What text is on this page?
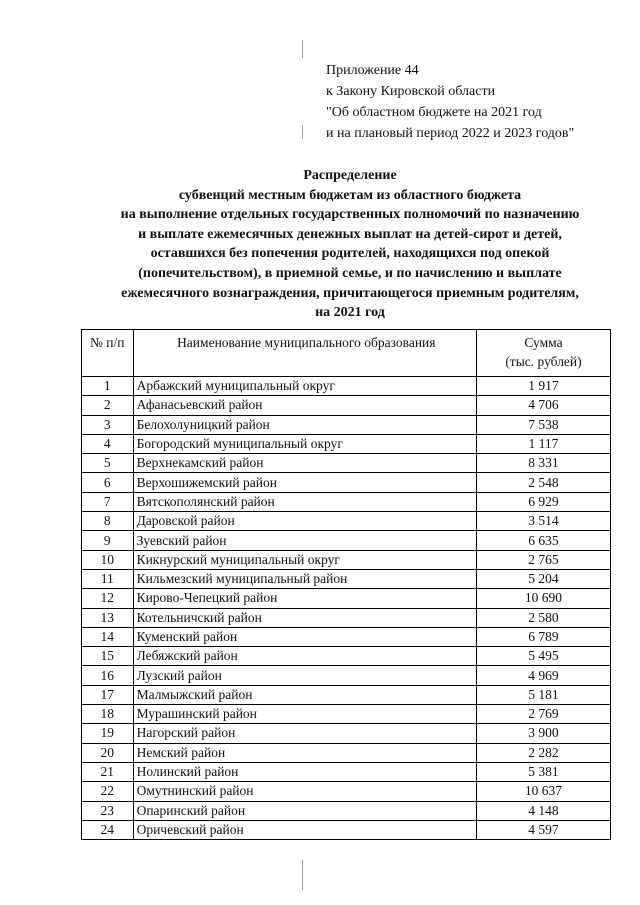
Приложение 44
к Закону Кировской области
"Об областном бюджете на 2021 год
и на плановый период 2022 и 2023 годов"
Распределение
субвенций местным бюджетам из областного бюджета
на выполнение отдельных государственных полномочий по назначению
и выплате ежемесячных денежных выплат на детей-сирот и детей,
оставшихся без попечения родителей, находящихся под опекой
(попечительством), в приемной семье, и по начислению и выплате
ежемесячного вознаграждения, причитающегося приемным родителям,
на 2021 год
№ п/п	Наименование муниципального образования	Сумма
(тыс. рублей)

1	Арбажский муниципальный округ	1 917
2	Афанасьевский район	4 706
3	Белохолуницкий район	7 538
4	Богородский муниципальный округ	1 117
5	Верхнекамский район	8 331
6	Верхошижемский район	2 548
7	Вятскополянский район	6 929
8	Даровской район	3 514
9	Зуевский район	6 635
10	Кикнурский муниципальный округ	2 765
11	Кильмезский муниципальный район	5 204
12	Кирово-Чепецкий район	10 690
13	Котельничский район	2 580
14	Куменский район	6 789
15	Лебяжский район	5 495
16	Лузский район	4 969
17	Малмыжский район	5 181
18	Мурашинский район	2 769
19	Нагорский район	3 900
20	Немский район	2 282
21	Нолинский район	5 381
22	Омутнинский район	10 637
23	Опаринский район	4 148
24	Оричевский район	4 597
